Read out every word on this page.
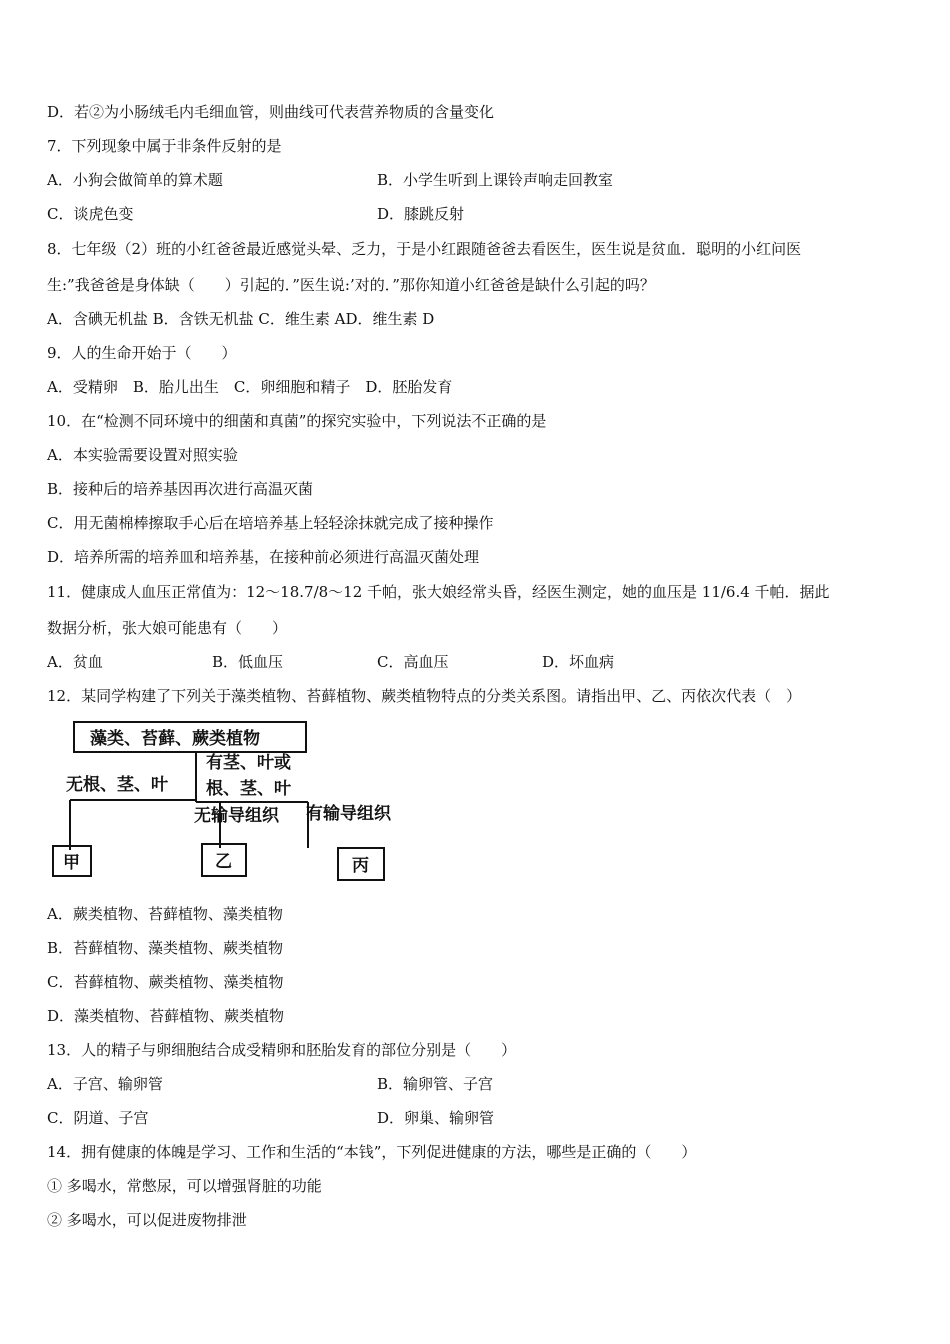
D．若②为小肠绒毛内毛细血管，则曲线可代表营养物质的含量变化
7．下列现象中属于非条件反射的是
A．小狗会做简单的算术题	B．小学生听到上课铃声响走回教室
C．谈虎色变	D．膝跳反射
8．七年级（2）班的小红爸爸最近感觉头晕、乏力，于是小红跟随爸爸去看医生，医生说是贫血．聪明的小红问医
生:”我爸爸是身体缺（　　）引起的．”医生说:’对的．”那你知道小红爸爸是缺什么引起的吗？
A．含碘无机盐 B．含铁无机盐 C．维生素 AD．维生素 D
9．人的生命开始于（　　）
A．受精卵　B．胎儿出生　C．卵细胞和精子　D．胚胎发育
10．在“检测不同环境中的细菌和真菌”的探究实验中，下列说法不正确的是
A．本实验需要设置对照实验
B．接种后的培养基因再次进行高温灭菌
C．用无菌棉棒擦取手心后在培培养基上轻轻涂抹就完成了接种操作
D．培养所需的培养皿和培养基，在接种前必须进行高温灭菌处理
11．健康成人血压正常值为：12～18.7/8～12 千帕，张大娘经常头昏，经医生测定，她的血压是 11/6.4 千帕．据此
数据分析，张大娘可能患有（　　）
A．贫血	B．低血压	C．高血压	D．坏血病
12．某同学构建了下列关于藻类植物、苔藓植物、蕨类植物特点的分类关系图。请指出甲、乙、丙依次代表（　）
藻类、苔藓、蕨类植物
无根、茎、叶
有茎、叶或
根、茎、叶
无输导组织 有输导组织
甲	乙	丙
A．蕨类植物、苔藓植物、藻类植物
B．苔藓植物、藻类植物、蕨类植物
C．苔藓植物、蕨类植物、藻类植物
D．藻类植物、苔藓植物、蕨类植物
13．人的精子与卵细胞结合成受精卵和胚胎发育的部位分别是（　　）
A．子宫、输卵管	B．输卵管、子宫
C．阴道、子宫	D．卵巢、输卵管
14．拥有健康的体魄是学习、工作和生活的“本钱”，下列促进健康的方法，哪些是正确的（　　）
① 多喝水，常憋尿，可以增强肾脏的功能
② 多喝水，可以促进废物排泄
